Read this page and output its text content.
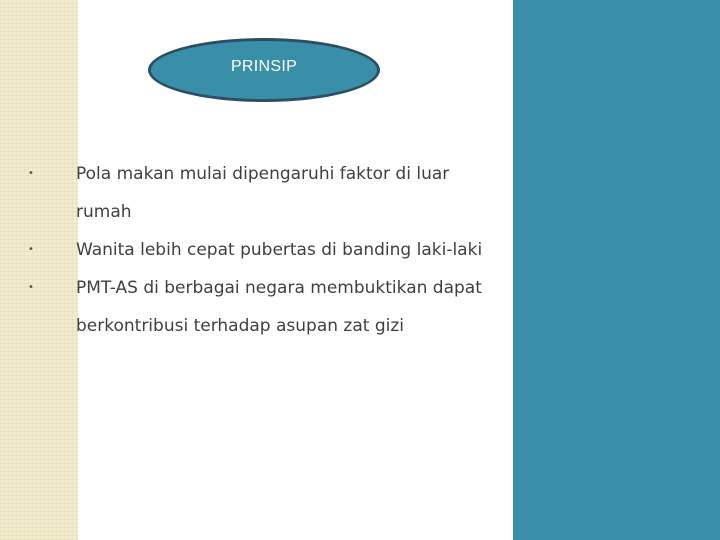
PRINSIP
• Pola makan mulai dipengaruhi faktor di luar rumah
• Wanita lebih cepat pubertas di banding laki-laki
• PMT-AS di berbagai negara membuktikan dapat berkontribusi terhadap asupan zat gizi
